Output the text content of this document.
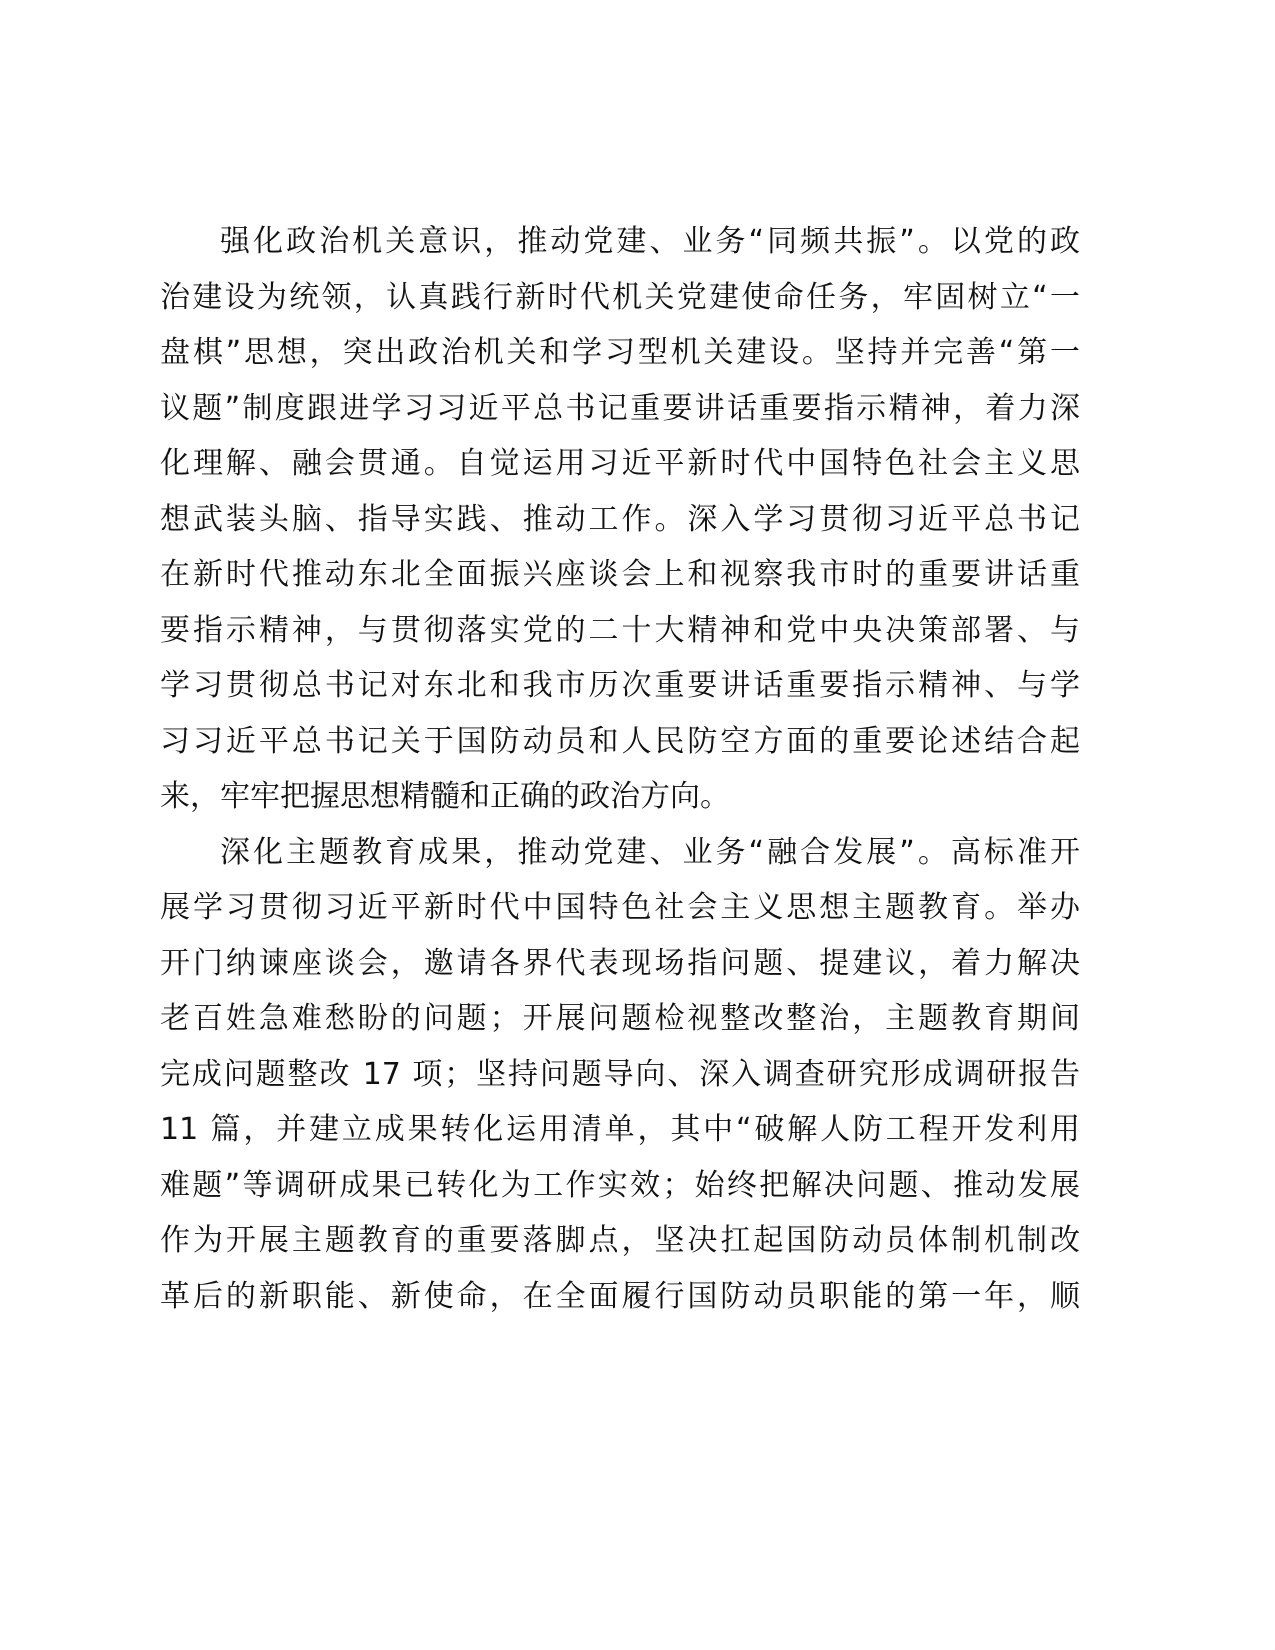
强化政治机关意识，推动党建、业务“同频共振”。以党的政
治建设为统领，认真践行新时代机关党建使命任务，牢固树立“一
盘棋”思想，突出政治机关和学习型机关建设。坚持并完善“第一
议题”制度跟进学习习近平总书记重要讲话重要指示精神，着力深
化理解、融会贯通。自觉运用习近平新时代中国特色社会主义思
想武装头脑、指导实践、推动工作。深入学习贯彻习近平总书记
在新时代推动东北全面振兴座谈会上和视察我市时的重要讲话重
要指示精神，与贯彻落实党的二十大精神和党中央决策部署、与
学习贯彻总书记对东北和我市历次重要讲话重要指示精神、与学
习习近平总书记关于国防动员和人民防空方面的重要论述结合起
来，牢牢把握思想精髓和正确的政治方向。
深化主题教育成果，推动党建、业务“融合发展”。高标准开
展学习贯彻习近平新时代中国特色社会主义思想主题教育。举办
开门纳谏座谈会，邀请各界代表现场指问题、提建议，着力解决
老百姓急难愁盼的问题；开展问题检视整改整治，主题教育期间
完成问题整改 17 项；坚持问题导向、深入调查研究形成调研报告
11 篇，并建立成果转化运用清单，其中“破解人防工程开发利用
难题”等调研成果已转化为工作实效；始终把解决问题、推动发展
作为开展主题教育的重要落脚点，坚决扛起国防动员体制机制改
革后的新职能、新使命，在全面履行国防动员职能的第一年，顺
